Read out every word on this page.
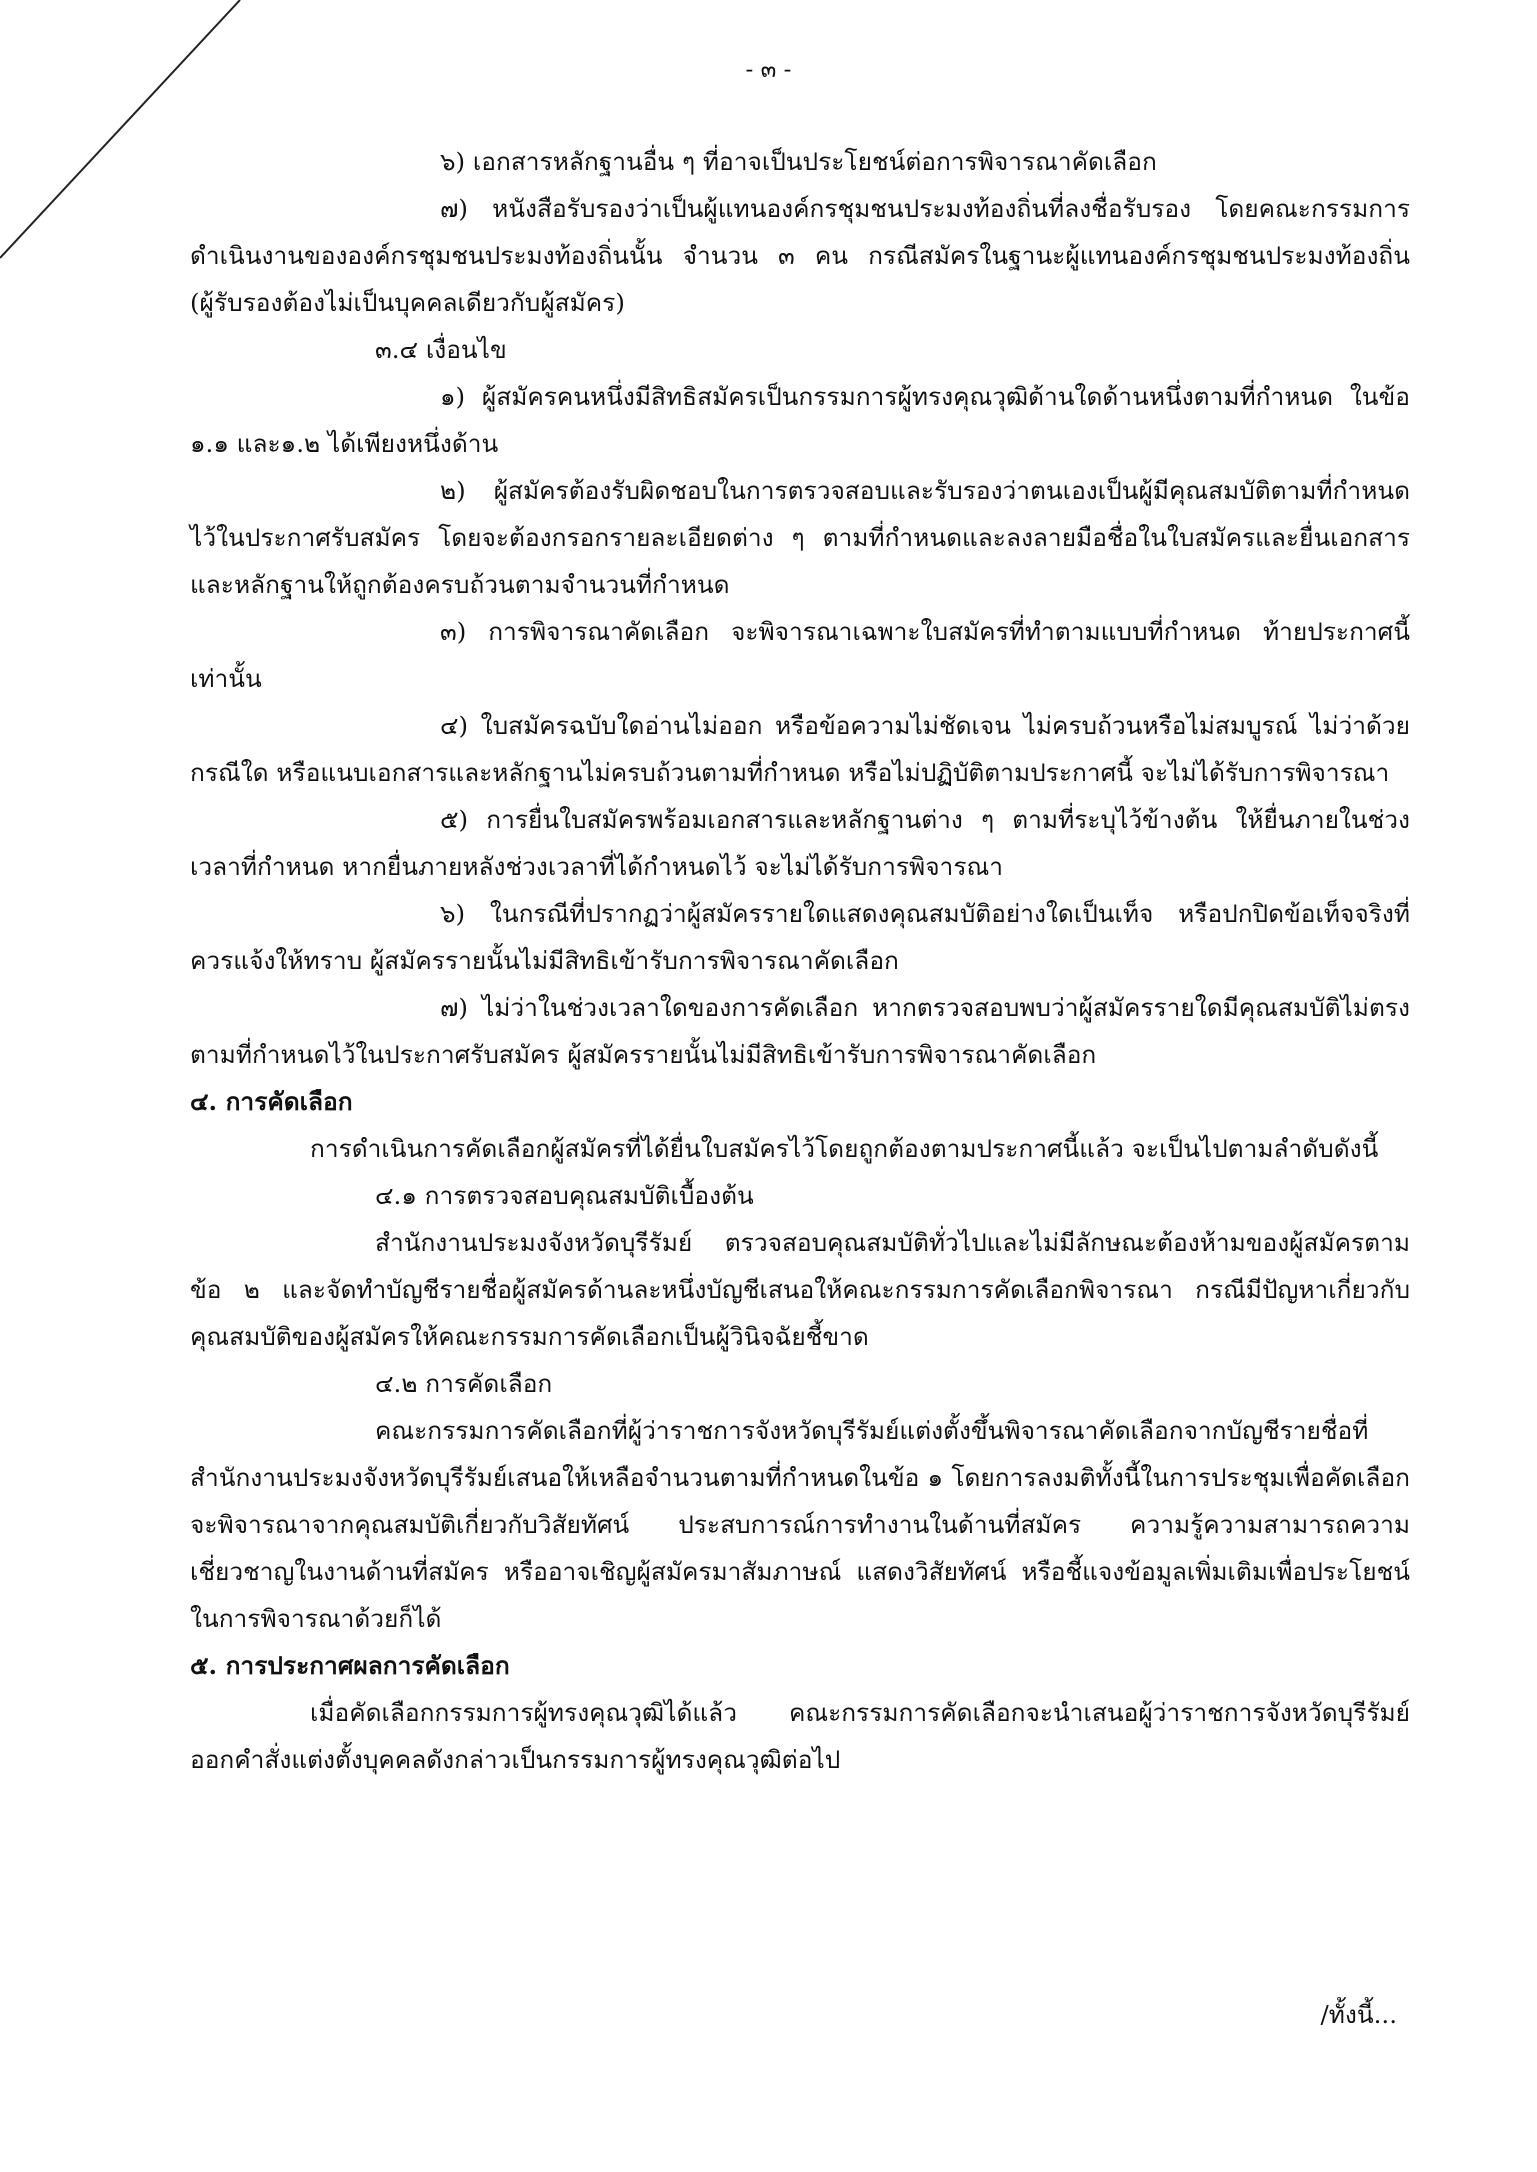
- ๓ -

๖) เอกสารหลักฐานอื่น ๆ ที่อาจเป็นประโยชน์ต่อการพิจารณาคัดเลือก

๗) หนังสือรับรองว่าเป็นผู้แทนองค์กรชุมชนประมงท้องถิ่นที่ลงชื่อรับรอง โดยคณะกรรมการดำเนินงานขององค์กรชุมชนประมงท้องถิ่นนั้น จำนวน ๓ คน กรณีสมัครในฐานะผู้แทนองค์กรชุมชนประมงท้องถิ่น (ผู้รับรองต้องไม่เป็นบุคคลเดียวกับผู้สมัคร)

๓.๔ เงื่อนไข

๑) ผู้สมัครคนหนึ่งมีสิทธิสมัครเป็นกรรมการผู้ทรงคุณวุฒิด้านใดด้านหนึ่งตามที่กำหนด ในข้อ ๑.๑ และ๑.๒ ได้เพียงหนึ่งด้าน

๒) ผู้สมัครต้องรับผิดชอบในการตรวจสอบและรับรองว่าตนเองเป็นผู้มีคุณสมบัติตามที่กำหนดไว้ในประกาศรับสมัคร โดยจะต้องกรอกรายละเอียดต่าง ๆ ตามที่กำหนดและลงลายมือชื่อในใบสมัครและยื่นเอกสารและหลักฐานให้ถูกต้องครบถ้วนตามจำนวนที่กำหนด

๓) การพิจารณาคัดเลือก จะพิจารณาเฉพาะใบสมัครที่ทำตามแบบที่กำหนด ท้ายประกาศนี้เท่านั้น

๔) ใบสมัครฉบับใดอ่านไม่ออก หรือข้อความไม่ชัดเจน ไม่ครบถ้วนหรือไม่สมบูรณ์ ไม่ว่าด้วยกรณีใด หรือแนบเอกสารและหลักฐานไม่ครบถ้วนตามที่กำหนด หรือไม่ปฏิบัติตามประกาศนี้ จะไม่ได้รับการพิจารณา

๕) การยื่นใบสมัครพร้อมเอกสารและหลักฐานต่าง ๆ ตามที่ระบุไว้ข้างต้น ให้ยื่นภายในช่วงเวลาที่กำหนด หากยื่นภายหลังช่วงเวลาที่ได้กำหนดไว้ จะไม่ได้รับการพิจารณา

๖) ในกรณีที่ปรากฏว่าผู้สมัครรายใดแสดงคุณสมบัติอย่างใดเป็นเท็จ หรือปกปิดข้อเท็จจริงที่ควรแจ้งให้ทราบ ผู้สมัครรายนั้นไม่มีสิทธิเข้ารับการพิจารณาคัดเลือก

๗) ไม่ว่าในช่วงเวลาใดของการคัดเลือก หากตรวจสอบพบว่าผู้สมัครรายใดมีคุณสมบัติไม่ตรงตามที่กำหนดไว้ในประกาศรับสมัคร ผู้สมัครรายนั้นไม่มีสิทธิเข้ารับการพิจารณาคัดเลือก

๔. การคัดเลือก

การดำเนินการคัดเลือกผู้สมัครที่ได้ยื่นใบสมัครไว้โดยถูกต้องตามประกาศนี้แล้ว จะเป็นไปตามลำดับดังนี้

๔.๑ การตรวจสอบคุณสมบัติเบื้องต้น

สำนักงานประมงจังหวัดบุรีรัมย์ ตรวจสอบคุณสมบัติทั่วไปและไม่มีลักษณะต้องห้ามของผู้สมัครตามข้อ ๒ และจัดทำบัญชีรายชื่อผู้สมัครด้านละหนึ่งบัญชีเสนอให้คณะกรรมการคัดเลือกพิจารณา กรณีมีปัญหาเกี่ยวกับคุณสมบัติของผู้สมัครให้คณะกรรมการคัดเลือกเป็นผู้วินิจฉัยชี้ขาด

๔.๒ การคัดเลือก

คณะกรรมการคัดเลือกที่ผู้ว่าราชการจังหวัดบุรีรัมย์แต่งตั้งขึ้นพิจารณาคัดเลือกจากบัญชีรายชื่อที่สำนักงานประมงจังหวัดบุรีรัมย์เสนอให้เหลือจำนวนตามที่กำหนดในข้อ ๑ โดยการลงมติทั้งนี้ในการประชุมเพื่อคัดเลือกจะพิจารณาจากคุณสมบัติเกี่ยวกับวิสัยทัศน์ ประสบการณ์การทำงานในด้านที่สมัคร ความรู้ความสามารถความเชี่ยวชาญในงานด้านที่สมัคร หรืออาจเชิญผู้สมัครมาสัมภาษณ์ แสดงวิสัยทัศน์ หรือชี้แจงข้อมูลเพิ่มเติมเพื่อประโยชน์ในการพิจารณาด้วยก็ได้

๕. การประกาศผลการคัดเลือก

เมื่อคัดเลือกกรรมการผู้ทรงคุณวุฒิได้แล้ว คณะกรรมการคัดเลือกจะนำเสนอผู้ว่าราชการจังหวัดบุรีรัมย์ออกคำสั่งแต่งตั้งบุคคลดังกล่าวเป็นกรรมการผู้ทรงคุณวุฒิต่อไป

/ทั้งนี้...
